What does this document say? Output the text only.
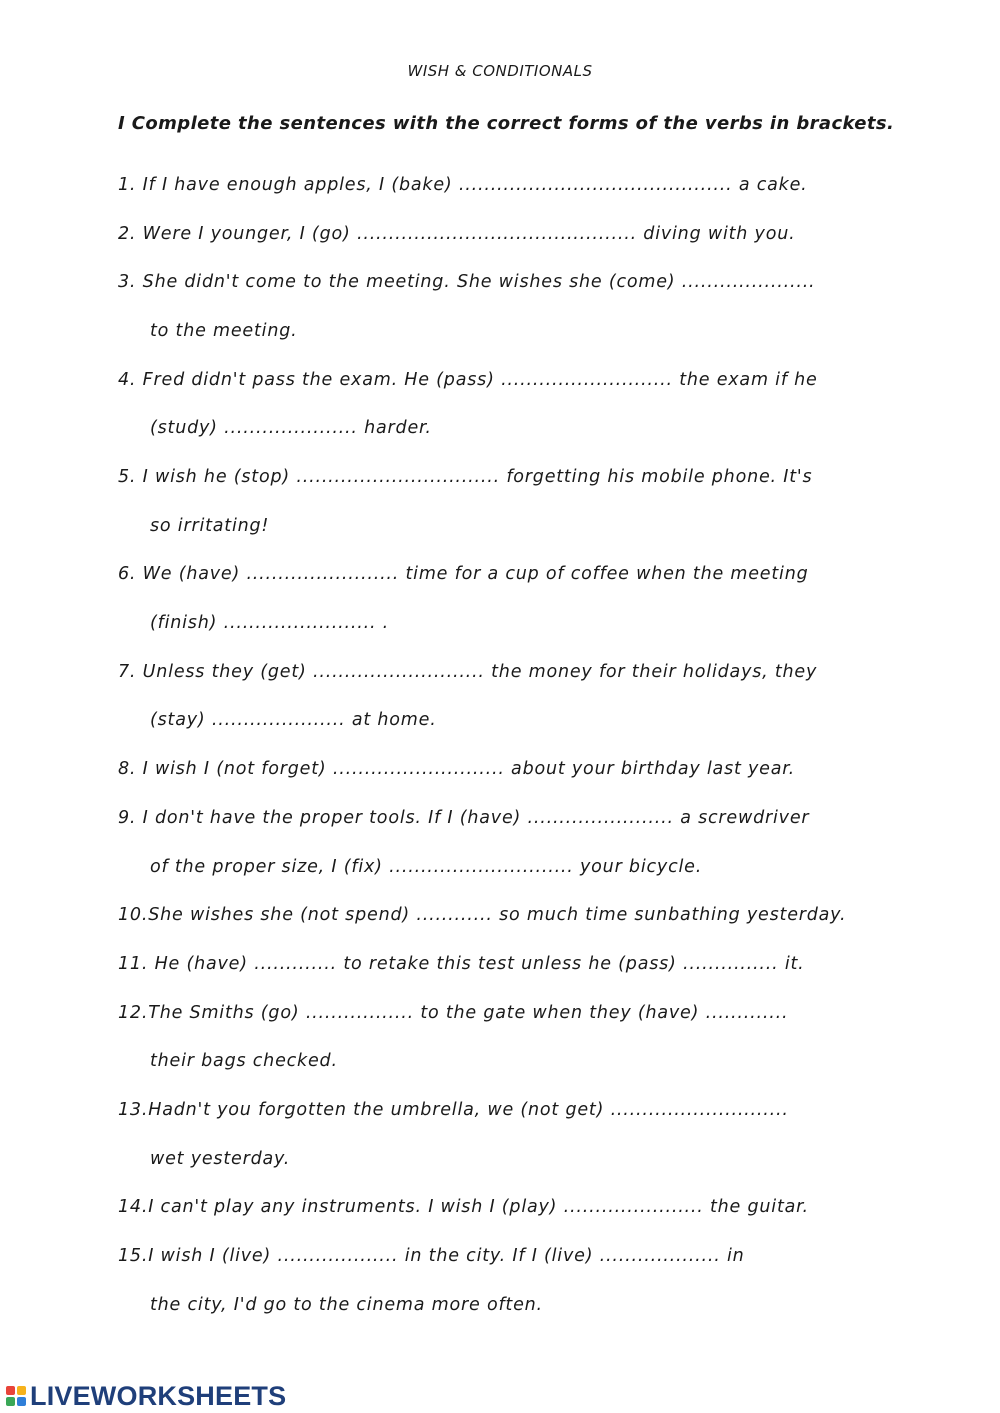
WISH & CONDITIONALS
I Complete the sentences with the correct forms of the verbs in brackets.
1. If I have enough apples, I (bake) ........................................... a cake.
2. Were I younger, I (go) ............................................ diving with you.
3. She didn't come to the meeting. She wishes she (come) .....................
to the meeting.
4. Fred didn't pass the exam. He (pass) ........................... the exam if he
(study) ..................... harder.
5. I wish he (stop) ................................ forgetting his mobile phone. It's
so irritating!
6. We (have) ........................ time for a cup of coffee when the meeting
(finish) ........................ .
7. Unless they (get) ........................... the money for their holidays, they
(stay) ..................... at home.
8. I wish I (not forget) ........................... about your birthday last year.
9. I don't have the proper tools. If I (have) ....................... a screwdriver
of the proper size, I (fix) ............................. your bicycle.
10.She wishes she (not spend) ............ so much time sunbathing yesterday.
11. He (have) ............. to retake this test unless he (pass) ............... it.
12.The Smiths (go) ................. to the gate when they (have) .............
their bags checked.
13.Hadn't you forgotten the umbrella, we (not get) ............................
wet yesterday.
14.I can't play any instruments. I wish I (play) ...................... the guitar.
15.I wish I (live) ................... in the city. If I (live) ................... in
the city, I'd go to the cinema more often.
LIVEWORKSHEETS
